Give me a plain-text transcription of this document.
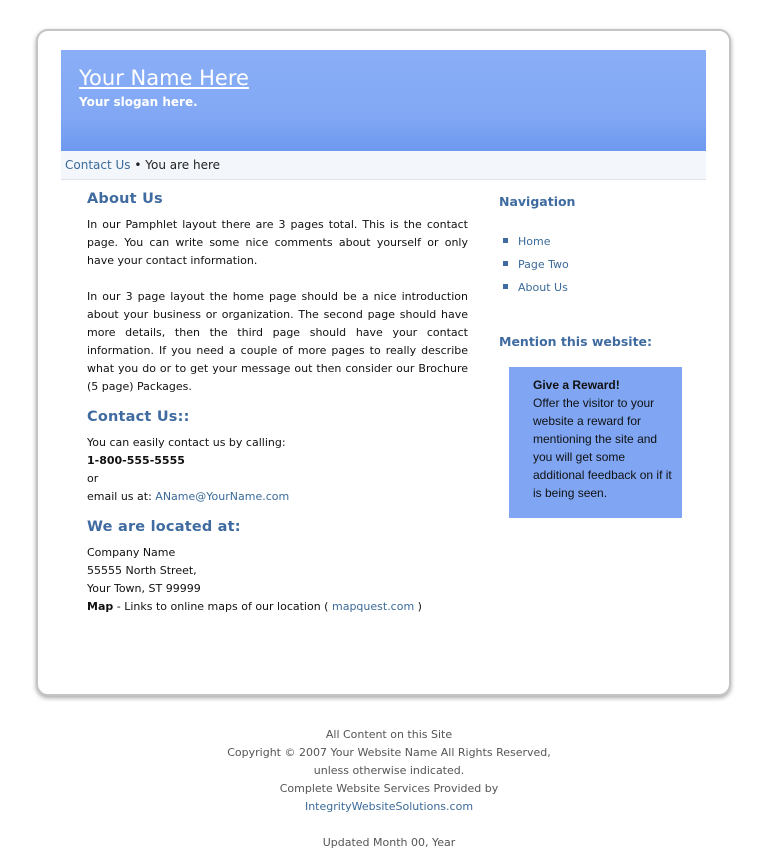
Your Name Here
Your slogan here.
Contact Us • You are here
About Us

In our Pamphlet layout there are 3 pages total. This is the contact page. You can write some nice comments about yourself or only have your contact information.

In our 3 page layout the home page should be a nice introduction about your business or organization. The second page should have more details, then the third page should have your contact information. If you need a couple of more pages to really describe what you do or to get your message out then consider our Brochure (5 page) Packages.

Contact Us::
You can easily contact us by calling:
1-800-555-5555
or
email us at: AName@YourName.com
We are located at:
Company Name
55555 North Street,
Your Town, ST 99999
Map - Links to online maps of our location ( mapquest.com )
Navigation
Home
Page Two
About Us
Mention this website:
Give a Reward!
Offer the visitor to your website a reward for mentioning the site and you will get some additional feedback on if it is being seen.
All Content on this Site
Copyright © 2007 Your Website Name All Rights Reserved,
unless otherwise indicated.
Complete Website Services Provided by
IntegrityWebsiteSolutions.com
Updated Month 00, Year
